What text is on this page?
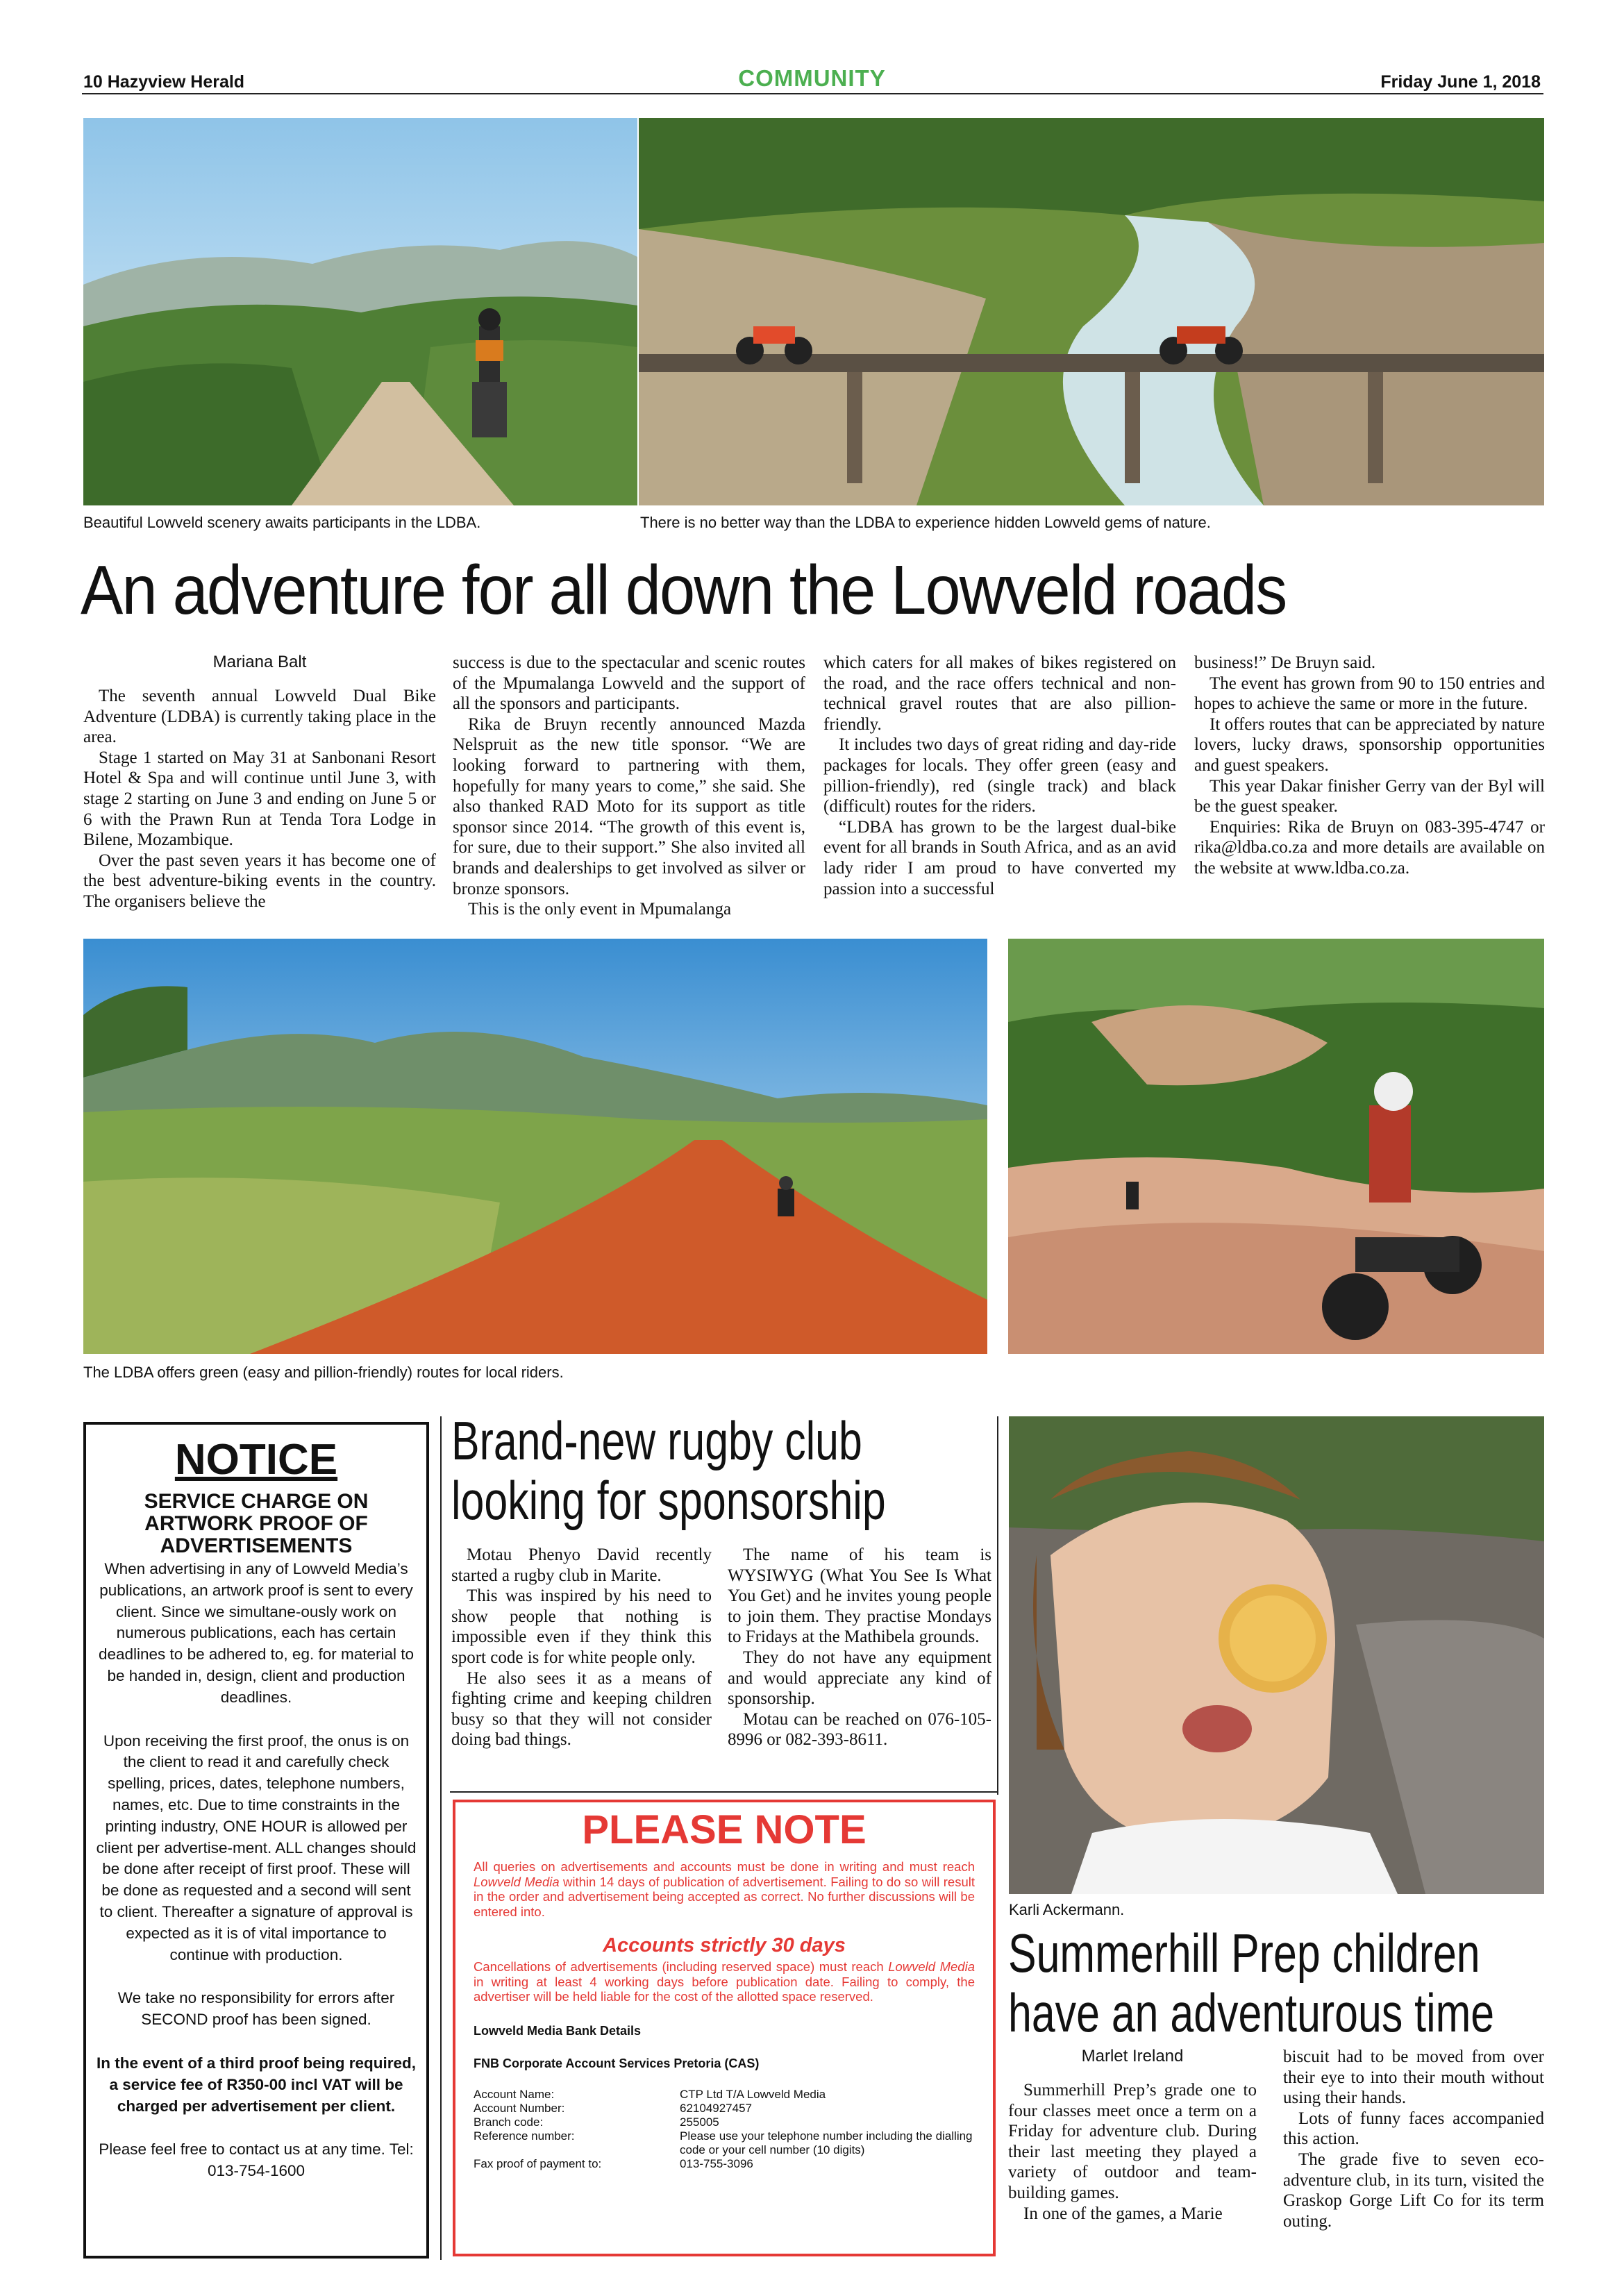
10 Hazyview Herald	COMMUNITY	Friday June 1, 2018
Beautiful Lowveld scenery awaits participants in the LDBA.	There is no better way than the LDBA to experience hidden Lowveld gems of nature.
An adventure for all down the Lowveld roads
Mariana Balt

The seventh annual Lowveld Dual Bike Adventure (LDBA) is currently taking place in the area.

Stage 1 started on May 31 at Sanbonani Resort Hotel & Spa and will continue until June 3, with stage 2 starting on June 3 and ending on June 5 or 6 with the Prawn Run at Tenda Tora Lodge in Bilene, Mozambique.

Over the past seven years it has become one of the best adventure-biking events in the country. The organisers believe the

success is due to the spectacular and scenic routes of the Mpumalanga Lowveld and the support of all the sponsors and participants.

Rika de Bruyn recently announced Mazda Nelspruit as the new title sponsor. “We are looking forward to partnering with them, hopefully for many years to come,” she said. She also thanked RAD Moto for its support as title sponsor since 2014. “The growth of this event is, for sure, due to their support.” She also invited all brands and dealerships to get involved as silver or bronze sponsors.

This is the only event in Mpumalanga

which caters for all makes of bikes registered on the road, and the race offers technical and non-technical gravel routes that are also pillion-friendly.

It includes two days of great riding and day-ride packages for locals. They offer green (easy and pillion-friendly), red (single track) and black (difficult) routes for the riders.

“LDBA has grown to be the largest dual-bike event for all brands in South Africa, and as an avid lady rider I am proud to have converted my passion into a successful

business!” De Bruyn said.

The event has grown from 90 to 150 entries and hopes to achieve the same or more in the future.

It offers routes that can be appreciated by nature lovers, lucky draws, sponsorship opportunities and guest speakers.

This year Dakar finisher Gerry van der Byl will be the guest speaker.

Enquiries: Rika de Bruyn on 083-395-4747 or rika@ldba.co.za and more details are available on the website at www.ldba.co.za.

The LDBA offers green (easy and pillion-friendly) routes for local riders.
NOTICE
SERVICE CHARGE ON ARTWORK PROOF OF ADVERTISEMENTS
When advertising in any of Lowveld Media’s publications, an artwork proof is sent to every client. Since we simultane-ously work on numerous publications, each has certain deadlines to be adhered to, eg. for material to be handed in, design, client and production deadlines.
Upon receiving the first proof, the onus is on the client to read it and carefully check spelling, prices, dates, telephone numbers, names, etc. Due to time constraints in the printing industry, ONE HOUR is allowed per client per advertise-ment. ALL changes should be done after receipt of first proof. These will be done as requested and a second will sent to client. Thereafter a signature of approval is expected as it is of vital importance to continue with production.
We take no responsibility for errors after SECOND proof has been signed.
In the event of a third proof being required, a service fee of R350-00 incl VAT will be charged per advertisement per client.
Please feel free to contact us at any time. Tel: 013-754-1600
Brand-new rugby club
looking for sponsorship

Motau Phenyo David recently started a rugby club in Marite.

This was inspired by his need to show people that nothing is impossible even if they think this sport code is for white people only.

He also sees it as a means of fighting crime and keeping children busy so that they will not consider doing bad things.

The name of his team is WYSIWYG (What You See Is What You Get) and he invites young people to join them. They practise Mondays to Fridays at the Mathibela grounds.

They do not have any equipment and would appreciate any kind of sponsorship.

Motau can be reached on 076-105-8996 or 082-393-8611.

PLEASE NOTE
All queries on advertisements and accounts must be done in writing and must reach Lowveld Media within 14 days of publication of advertisement. Failing to do so will result in the order and advertisement being accepted as correct. No further discussions will be entered into.
Accounts strictly 30 days
Cancellations of advertisements (including reserved space) must reach Lowveld Media in writing at least 4 working days before publication date. Failing to comply, the advertiser will be held liable for the cost of the allotted space reserved.
Lowveld Media Bank Details
FNB Corporate Account Services Pretoria (CAS)
Account Name:	CTP Ltd T/A Lowveld Media
Account Number:	62104927457
Branch code:	255005
Reference number:	Please use your telephone number including the dialling code or your cell number (10 digits)
Fax proof of payment to:	013-755-3096
Karli Ackermann.
Summerhill Prep children
have an adventurous time
Marlet Ireland

Summerhill Prep’s grade one to four classes meet once a term on a Friday for adventure club. During their last meeting they played a variety of outdoor and team-building games.

In one of the games, a Marie

biscuit had to be moved from over their eye to into their mouth without using their hands.

Lots of funny faces accompanied this action.

The grade five to seven eco-adventure club, in its turn, visited the Graskop Gorge Lift Co for its term outing.
